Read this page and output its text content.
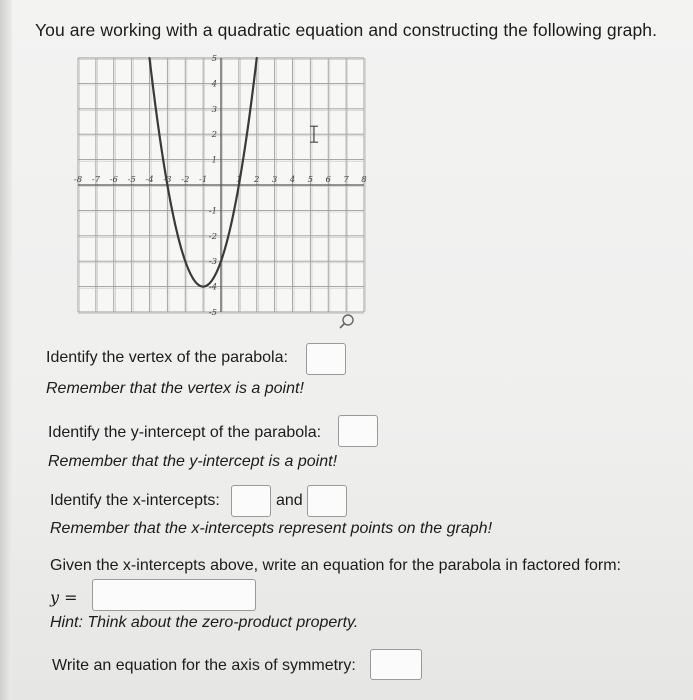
You are working with a quadratic equation and constructing the following graph.
-8 -7 -6 -5 -4 -3 -2 -1	1 2 3 4 5 6 7 8
5
4
3
2
1
-1
-2
-3
-4
-5
Identify the vertex of the parabola:
Remember that the vertex is a point!
Identify the y-intercept of the parabola:
Remember that the y-intercept is a point!
Identify the x-intercepts:	and
Remember that the x-intercepts represent points on the graph!
Given the x-intercepts above, write an equation for the parabola in factored form:
y =
Hint: Think about the zero-product property.
Write an equation for the axis of symmetry:
